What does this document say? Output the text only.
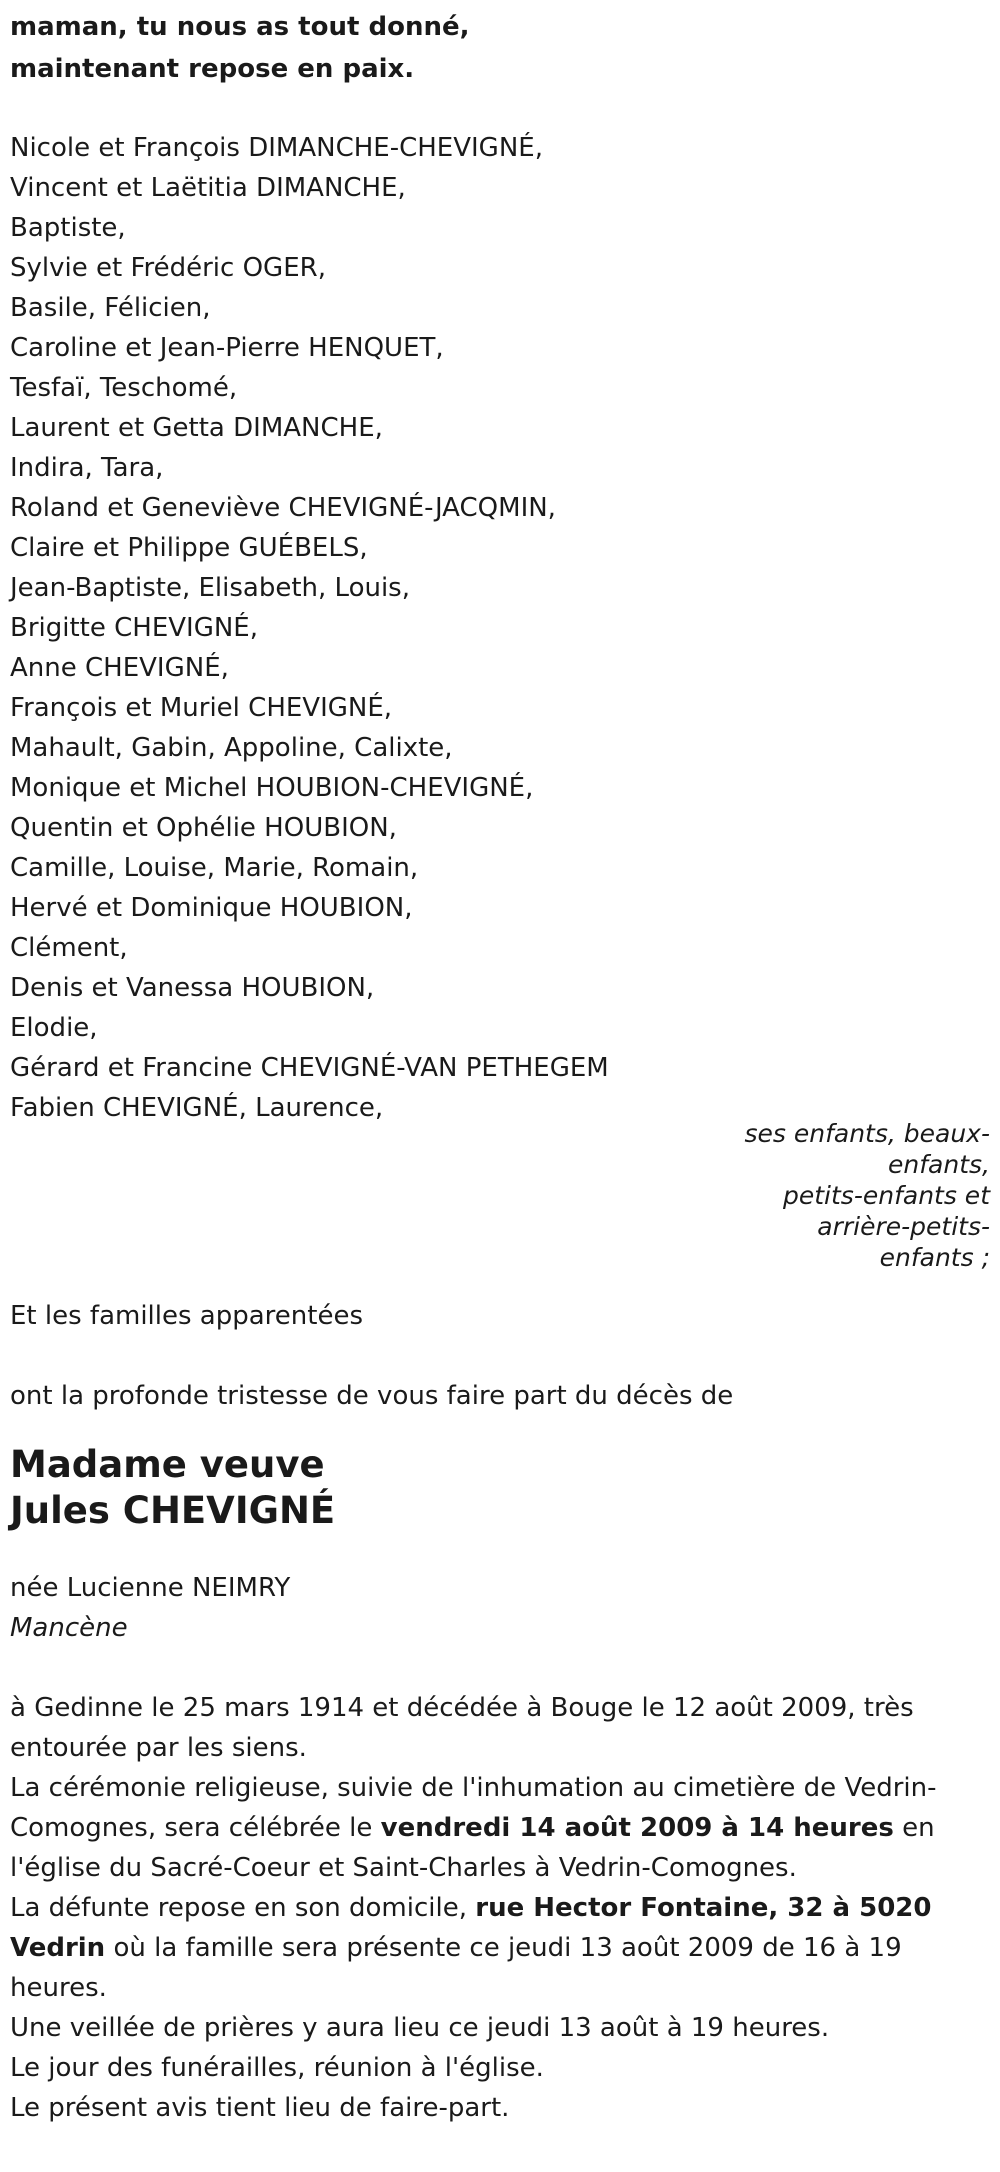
maman, tu nous as tout donné,
maintenant repose en paix.
Nicole et François DIMANCHE-CHEVIGNÉ,
Vincent et Laëtitia DIMANCHE,
Baptiste,
Sylvie et Frédéric OGER,
Basile, Félicien,
Caroline et Jean-Pierre HENQUET,
Tesfaï, Teschomé,
Laurent et Getta DIMANCHE,
Indira, Tara,
Roland et Geneviève CHEVIGNÉ-JACQMIN,
Claire et Philippe GUÉBELS,
Jean-Baptiste, Elisabeth, Louis,
Brigitte CHEVIGNÉ,
Anne CHEVIGNÉ,
François et Muriel CHEVIGNÉ,
Mahault, Gabin, Appoline, Calixte,
Monique et Michel HOUBION-CHEVIGNÉ,
Quentin et Ophélie HOUBION,
Camille, Louise, Marie, Romain,
Hervé et Dominique HOUBION,
Clément,
Denis et Vanessa HOUBION,
Elodie,
Gérard et Francine CHEVIGNÉ-VAN PETHEGEM
Fabien CHEVIGNÉ, Laurence,
ses enfants, beaux-
enfants,
petits-enfants et
arrière-petits-
enfants ;
Et les familles apparentées
ont la profonde tristesse de vous faire part du décès de
Madame veuve
Jules CHEVIGNÉ
née Lucienne NEIMRY
Mancène
à Gedinne le 25 mars 1914 et décédée à Bouge le 12 août 2009, très entourée par les siens.
La cérémonie religieuse, suivie de l'inhumation au cimetière de Vedrin-Comognes, sera célébrée le vendredi 14 août 2009 à 14 heures en l'église du Sacré-Coeur et Saint-Charles à Vedrin-Comognes.
La défunte repose en son domicile, rue Hector Fontaine, 32 à 5020 Vedrin où la famille sera présente ce jeudi 13 août 2009 de 16 à 19 heures.
Une veillée de prières y aura lieu ce jeudi 13 août à 19 heures.
Le jour des funérailles, réunion à l'église.
Le présent avis tient lieu de faire-part.
